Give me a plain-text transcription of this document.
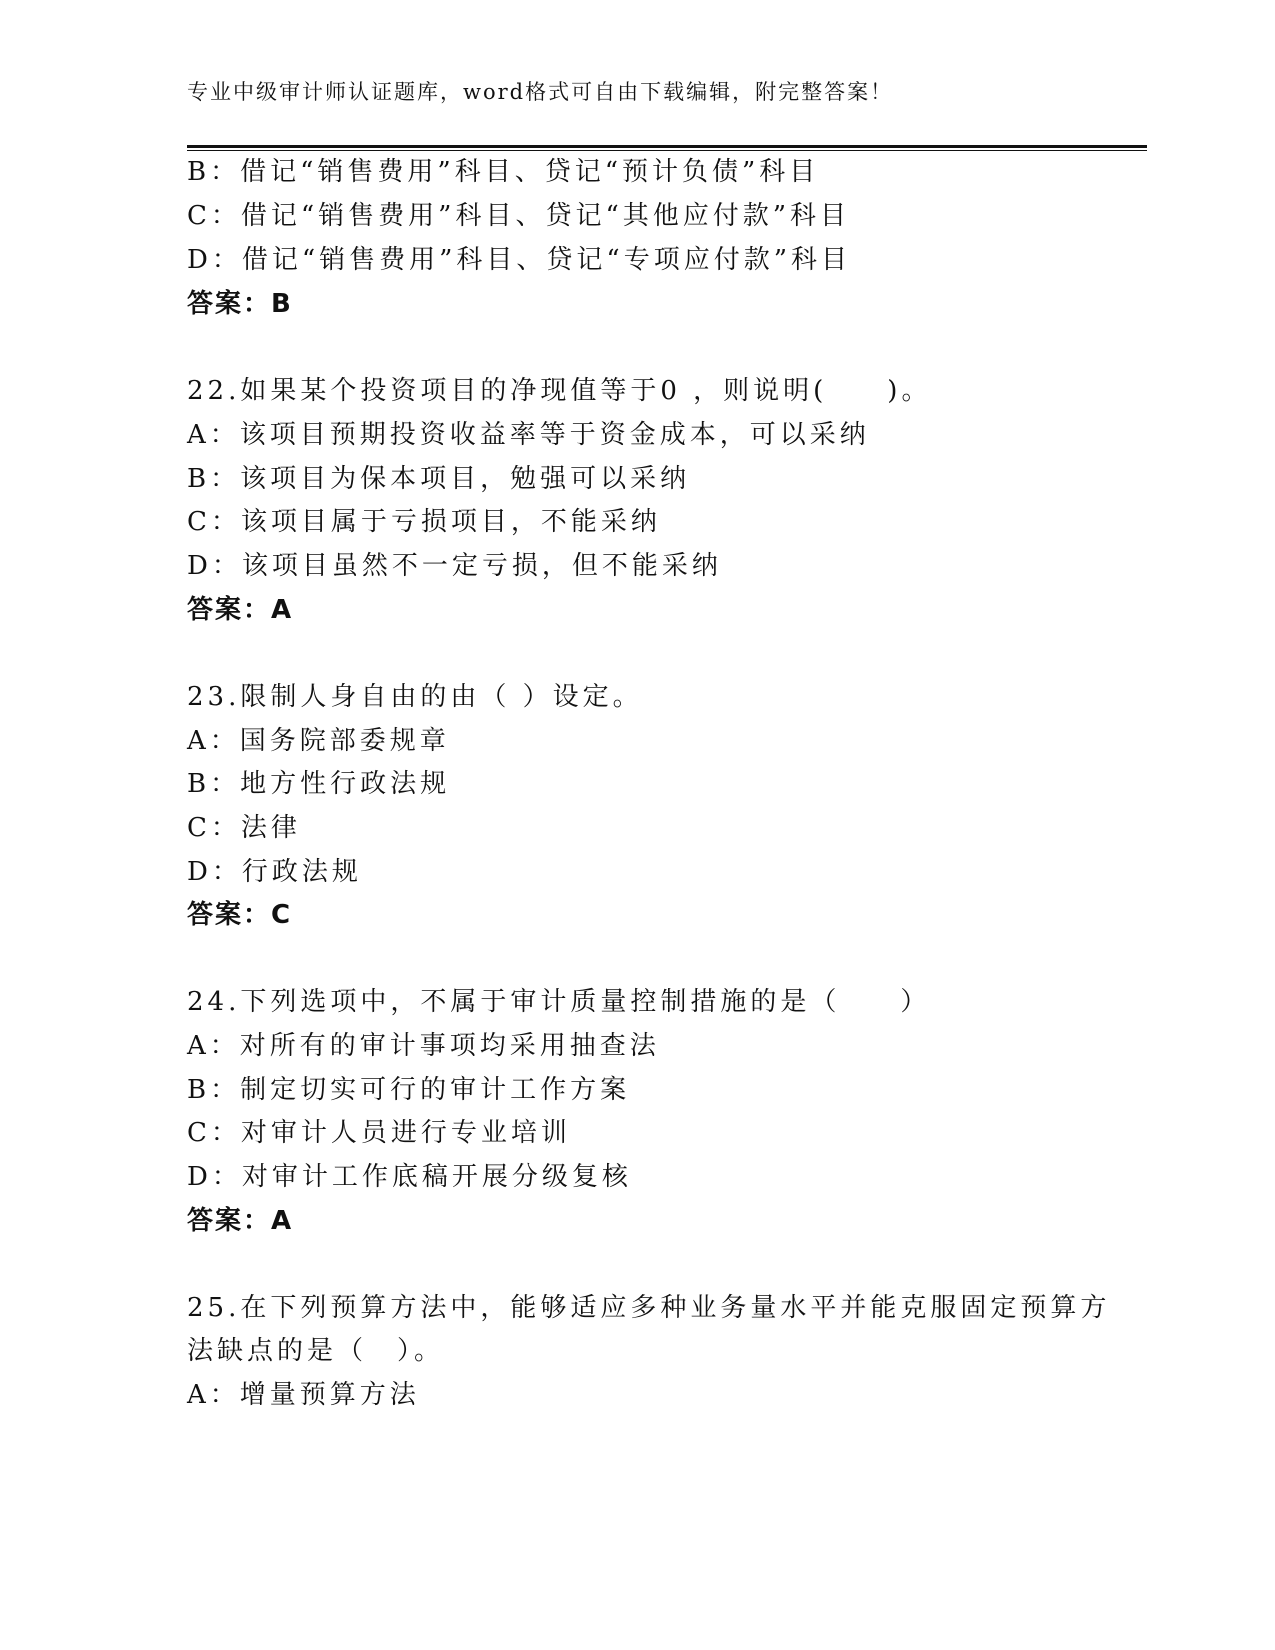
专业中级审计师认证题库，word格式可自由下载编辑，附完整答案！
B：借记“销售费用”科目、贷记“预计负债”科目
C：借记“销售费用”科目、贷记“其他应付款”科目
D：借记“销售费用”科目、贷记“专项应付款”科目
答案：B
22.如果某个投资项目的净现值等于0 ，则说明(　　)。
A：该项目预期投资收益率等于资金成本，可以采纳
B：该项目为保本项目，勉强可以采纳
C：该项目属于亏损项目，不能采纳
D：该项目虽然不一定亏损，但不能采纳
答案：A
23.限制人身自由的由（ ）设定。
A：国务院部委规章
B：地方性行政法规
C：法律
D：行政法规
答案：C
24.下列选项中，不属于审计质量控制措施的是（　　）
A：对所有的审计事项均采用抽查法
B：制定切实可行的审计工作方案
C：对审计人员进行专业培训
D：对审计工作底稿开展分级复核
答案：A
25.在下列预算方法中，能够适应多种业务量水平并能克服固定预算方
法缺点的是（　）。
A：增量预算方法
